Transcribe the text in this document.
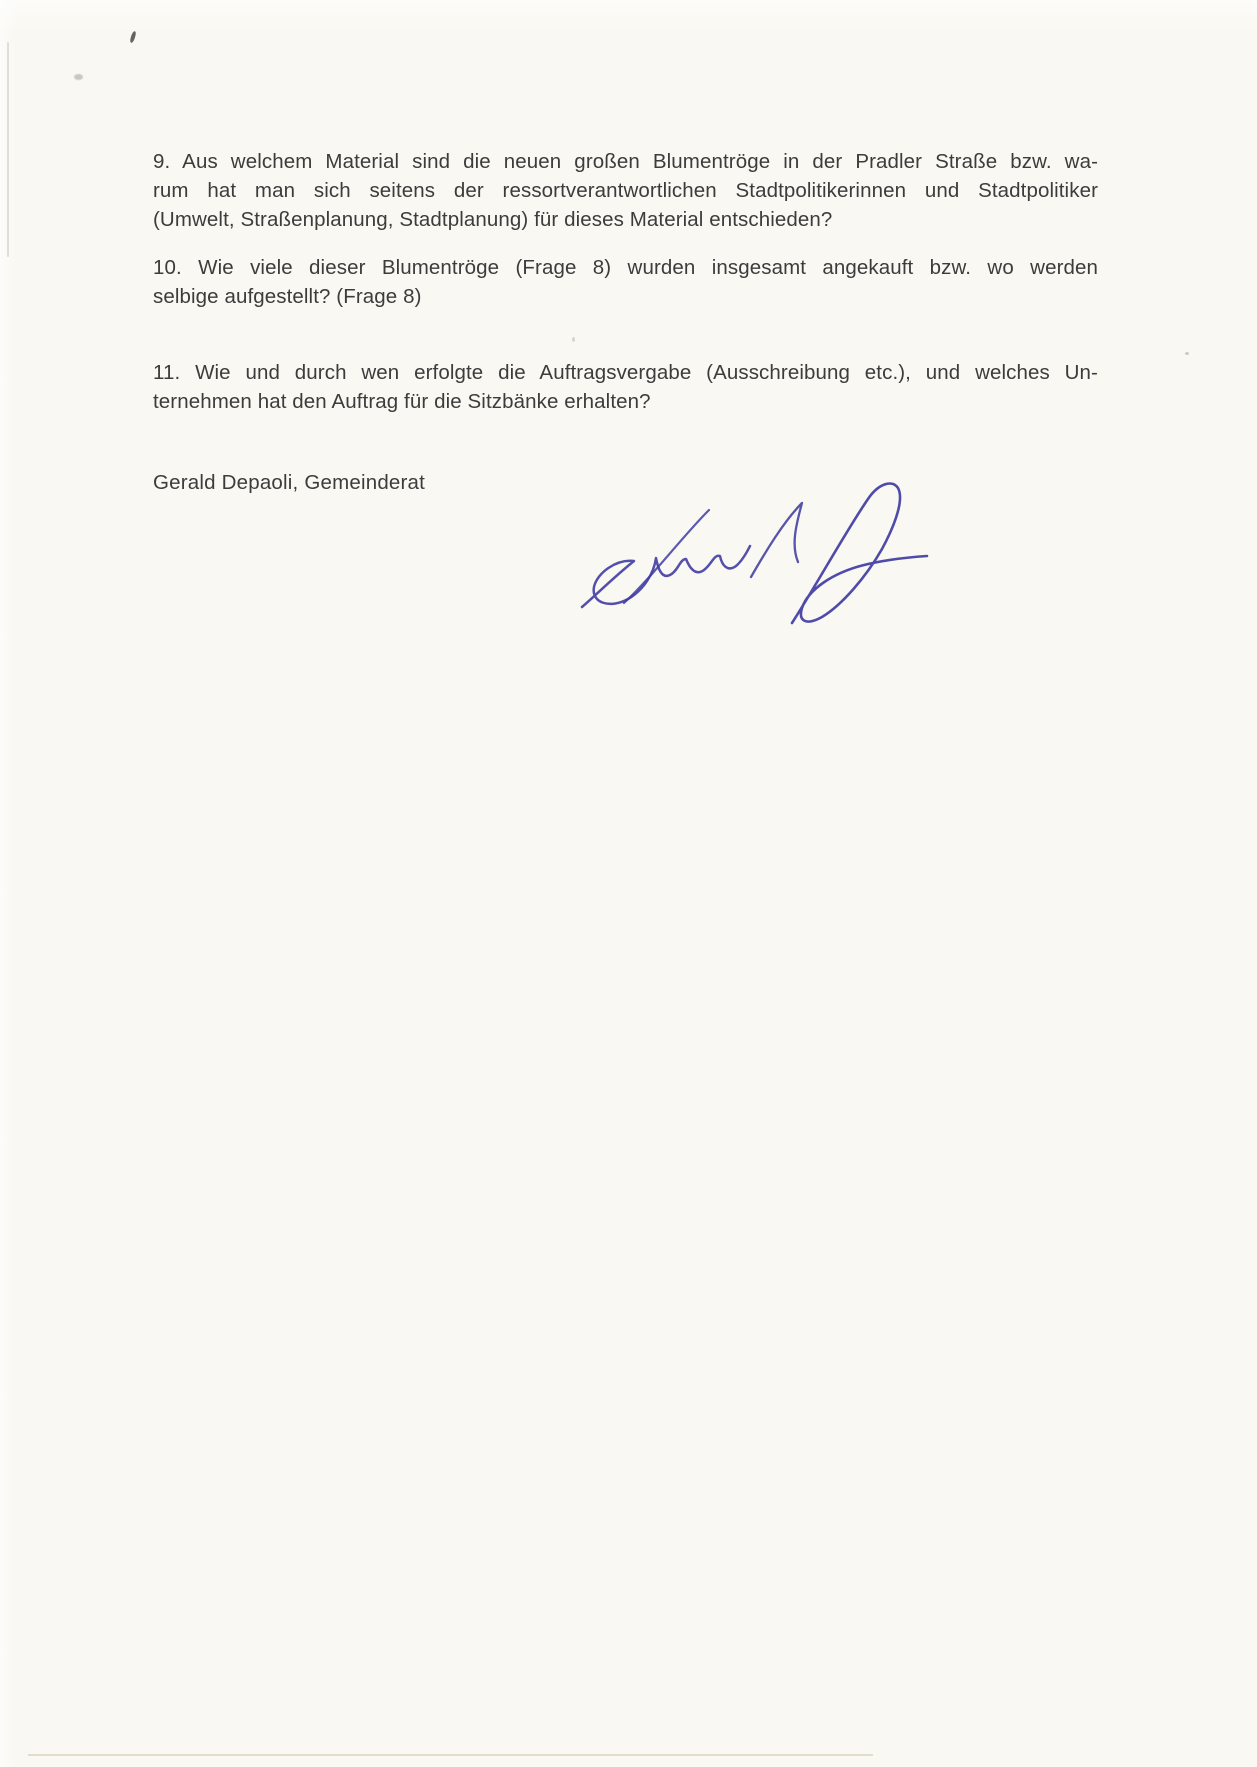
9. Aus welchem Material sind die neuen großen Blumentröge in der Pradler Straße bzw. wa-
rum hat man sich seitens der ressortverantwortlichen Stadtpolitikerinnen und Stadtpolitiker
(Umwelt, Straßenplanung, Stadtplanung) für dieses Material entschieden?
10. Wie viele dieser Blumentröge (Frage 8) wurden insgesamt angekauft bzw. wo werden
selbige aufgestellt? (Frage 8)
11. Wie und durch wen erfolgte die Auftragsvergabe (Ausschreibung etc.), und welches Un-
ternehmen hat den Auftrag für die Sitzbänke erhalten?
Gerald Depaoli, Gemeinderat
